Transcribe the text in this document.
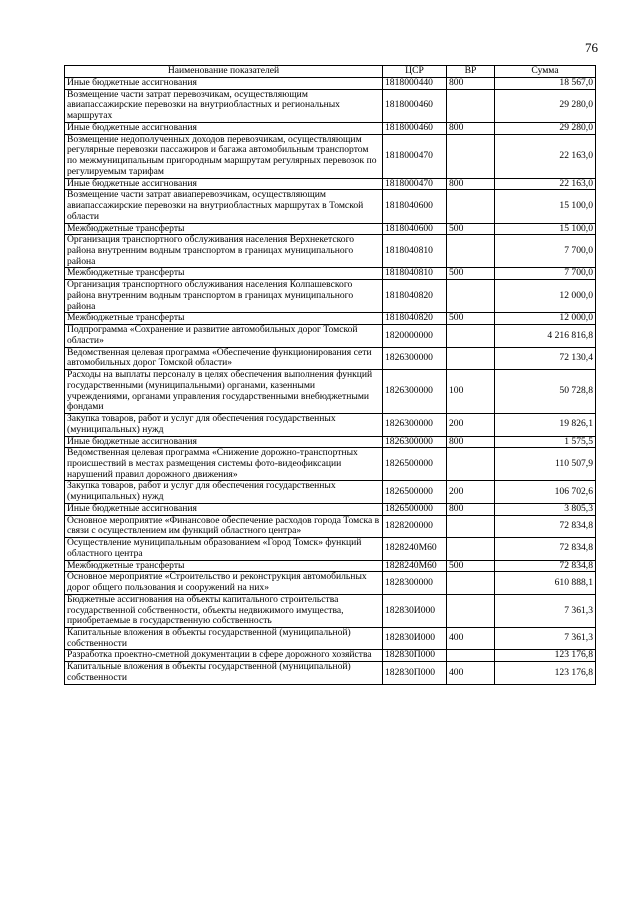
76
Наименование показателей	ЦСР	ВР	Сумма
Иные бюджетные ассигнования	1818000440	800	18 567,0
Возмещение части затрат перевозчикам, осуществляющим авиапассажирские перевозки на внутриобластных и региональных маршрутах	1818000460		29 280,0
Иные бюджетные ассигнования	1818000460	800	29 280,0
Возмещение недополученных доходов перевозчикам, осуществляющим регулярные перевозки пассажиров и багажа автомобильным транспортом по межмуниципальным пригородным маршрутам регулярных перевозок по регулируемым тарифам	1818000470		22 163,0
Иные бюджетные ассигнования	1818000470	800	22 163,0
Возмещение части затрат авиаперевозчикам, осуществляющим авиапассажирские перевозки на внутриобластных маршрутах в Томской области	1818040600		15 100,0
Межбюджетные трансферты	1818040600	500	15 100,0
Организация транспортного обслуживания населения Верхнекетского района внутренним водным транспортом в границах муниципального района	1818040810		7 700,0
Межбюджетные трансферты	1818040810	500	7 700,0
Организация транспортного обслуживания населения Колпашевского района внутренним водным транспортом в границах муниципального района	1818040820		12 000,0
Межбюджетные трансферты	1818040820	500	12 000,0
Подпрограмма «Сохранение и развитие автомобильных дорог Томской области»	1820000000		4 216 816,8
Ведомственная целевая программа «Обеспечение функционирования сети автомобильных дорог Томской области»	1826300000		72 130,4
Расходы на выплаты персоналу в целях обеспечения выполнения функций государственными (муниципальными) органами, казенными учреждениями, органами управления государственными внебюджетными фондами	1826300000	100	50 728,8
Закупка товаров, работ и услуг для обеспечения государственных (муниципальных) нужд	1826300000	200	19 826,1
Иные бюджетные ассигнования	1826300000	800	1 575,5
Ведомственная целевая программа «Снижение дорожно-транспортных происшествий в местах размещения системы фото-видеофиксации нарушений правил дорожного движения»	1826500000		110 507,9
Закупка товаров, работ и услуг для обеспечения государственных (муниципальных) нужд	1826500000	200	106 702,6
Иные бюджетные ассигнования	1826500000	800	3 805,3
Основное мероприятие «Финансовое обеспечение расходов города Томска в связи с осуществлением им функций областного центра»	1828200000		72 834,8
Осуществление муниципальным образованием «Город Томск» функций областного центра	1828240M60		72 834,8
Межбюджетные трансферты	1828240M60	500	72 834,8
Основное мероприятие «Строительство и реконструкция автомобильных дорог общего пользования и сооружений на них»	1828300000		610 888,1
Бюджетные ассигнования на объекты капитального строительства государственной собственности, объекты недвижимого имущества, приобретаемые в государственную собственность	182830И000		7 361,3
Капитальные вложения в объекты государственной (муниципальной) собственности	182830И000	400	7 361,3
Разработка проектно-сметной документации в сфере дорожного хозяйства	182830П000		123 176,8
Капитальные вложения в объекты государственной (муниципальной) собственности	182830П000	400	123 176,8
